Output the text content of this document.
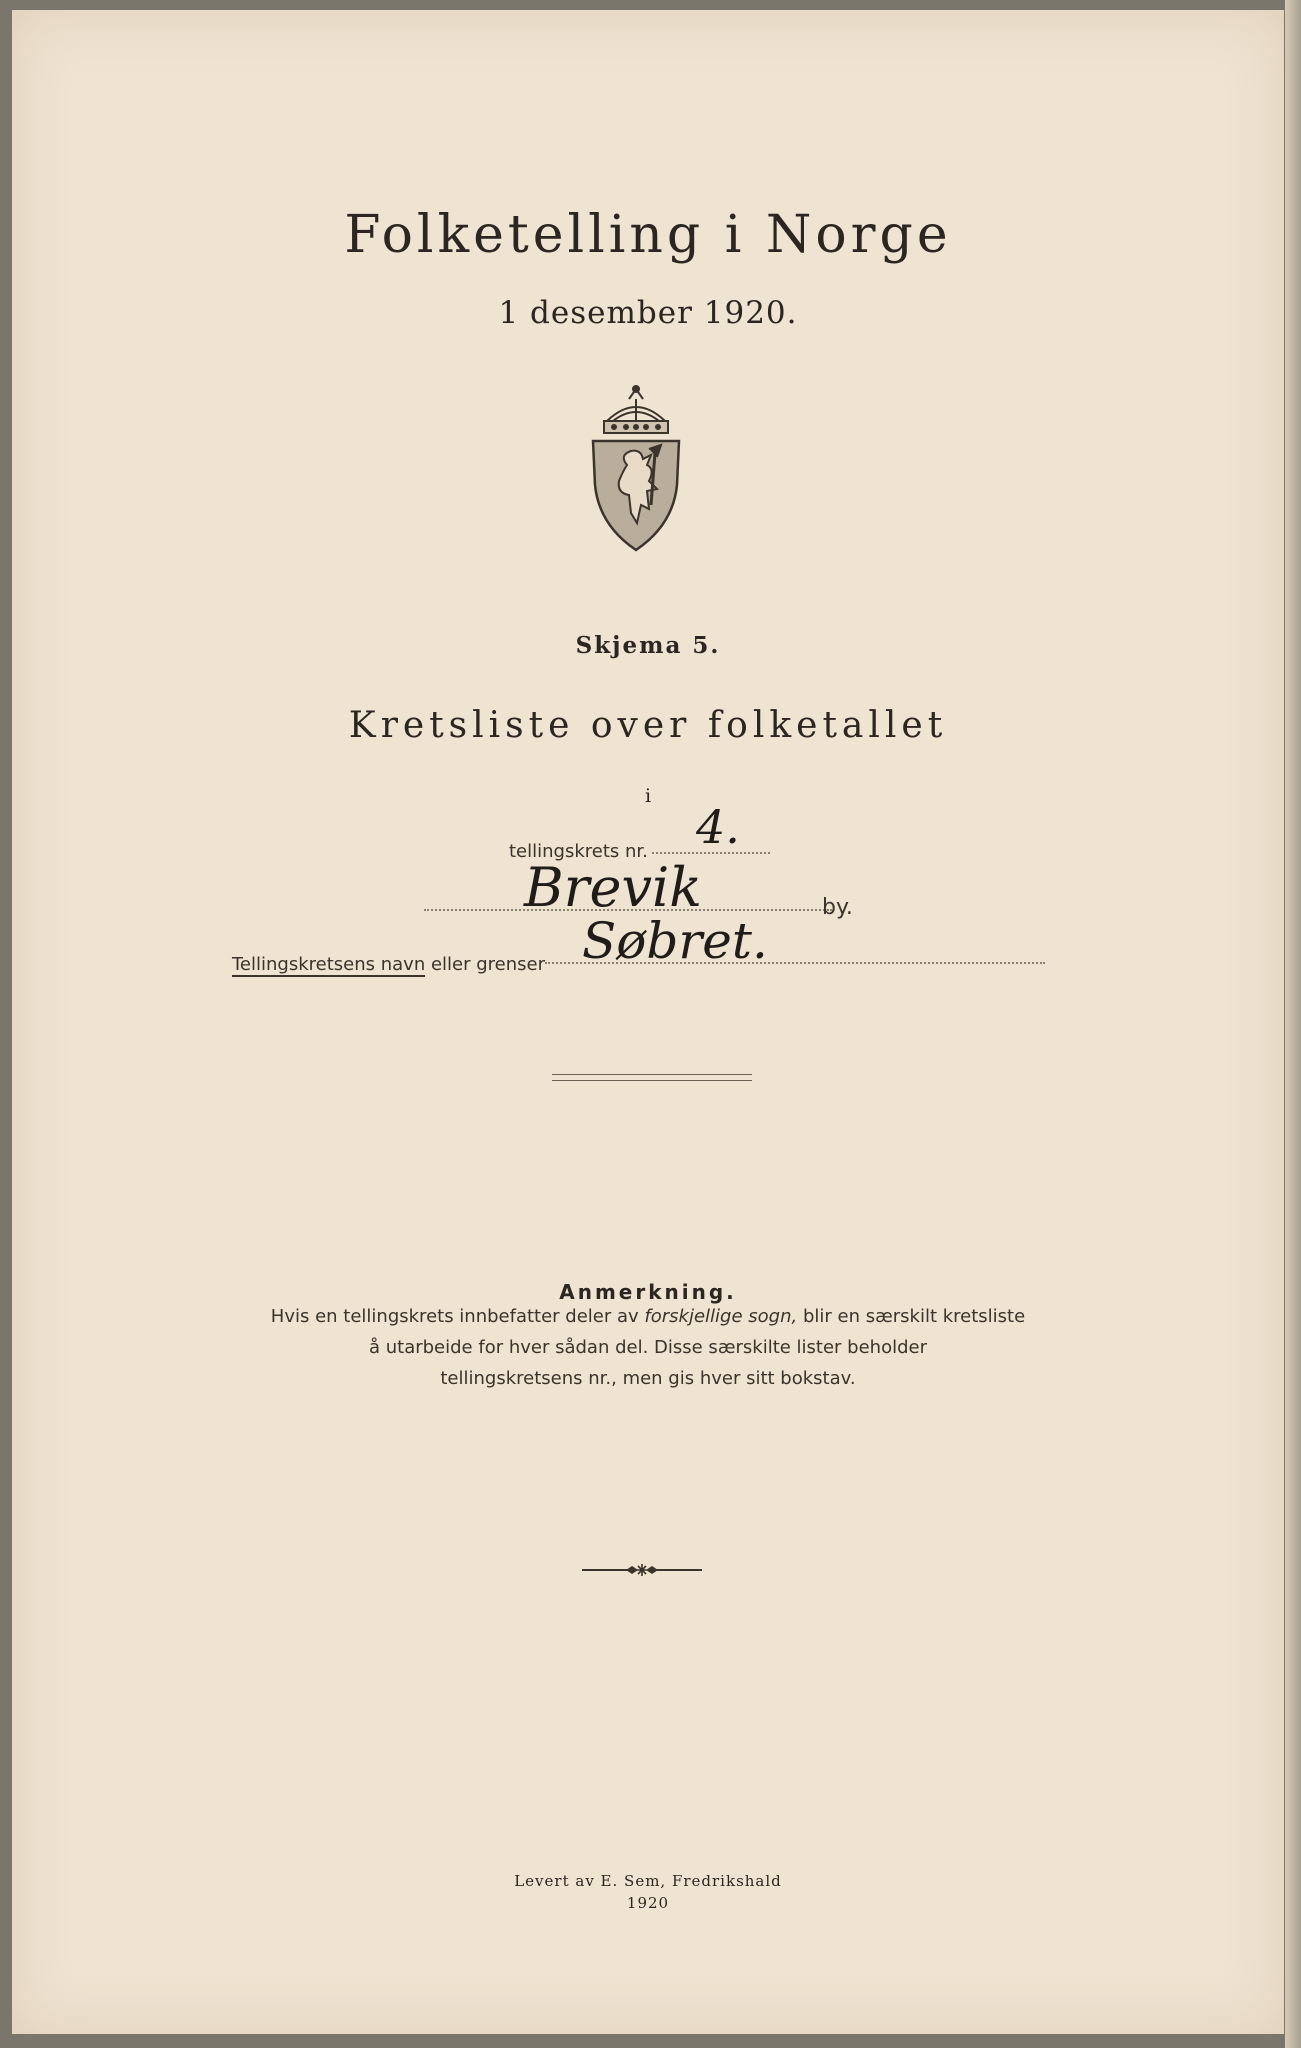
Folketelling i Norge
1 desember 1920.
Skjema 5.
Kretsliste over folketallet
i
tellingskrets nr. 4.
Brevik	by.
Tellingskretsens navn eller grenser Søbret.
Anmerkning.
Hvis en tellingskrets innbefatter deler av forskjellige sogn, blir en særskilt kretsliste
å utarbeide for hver sådan del. Disse særskilte lister beholder
tellingskretsens nr., men gis hver sitt bokstav.
Levert av E. Sem, Fredrikshald
1920
